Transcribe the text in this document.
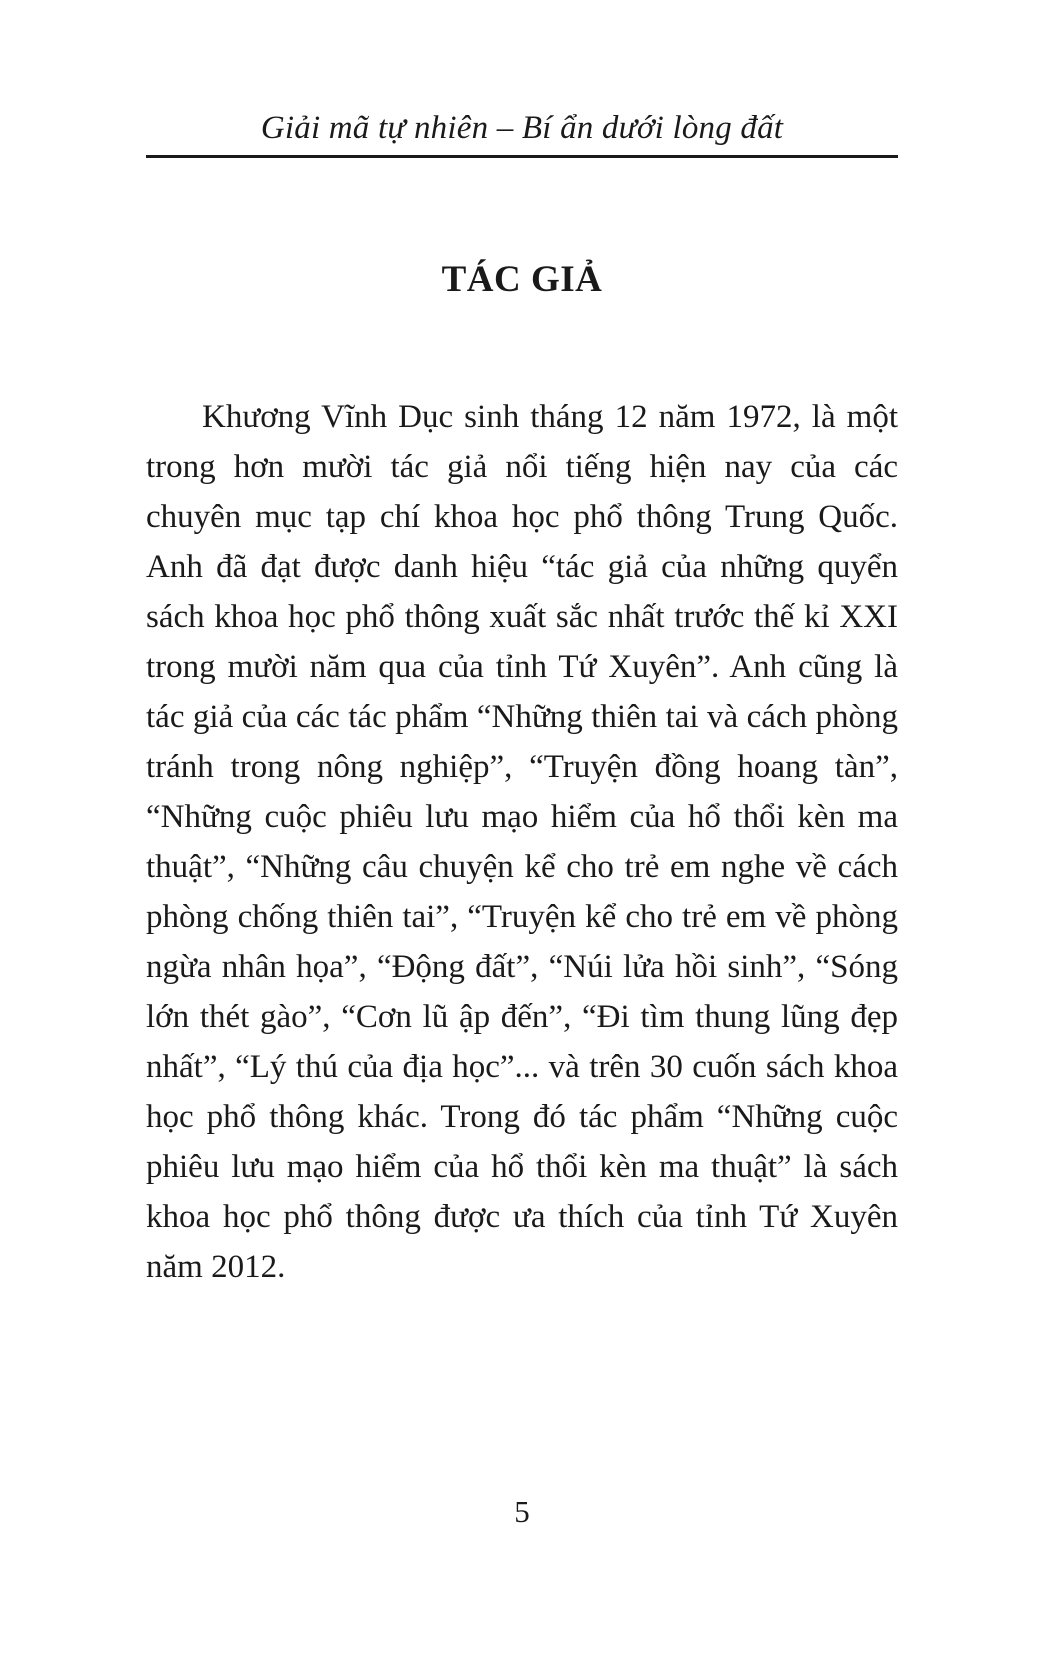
Giải mã tự nhiên – Bí ẩn dưới lòng đất
TÁC GIẢ

Khương Vĩnh Dục sinh tháng 12 năm 1972, là một trong hơn mười tác giả nổi tiếng hiện nay của các chuyên mục tạp chí khoa học phổ thông Trung Quốc. Anh đã đạt được danh hiệu “tác giả của những quyển sách khoa học phổ thông xuất sắc nhất trước thế kỉ XXI trong mười năm qua của tỉnh Tứ Xuyên”. Anh cũng là tác giả của các tác phẩm “Những thiên tai và cách phòng tránh trong nông nghiệp”, “Truyện đồng hoang tàn”, “Những cuộc phiêu lưu mạo hiểm của hổ thổi kèn ma thuật”, “Những câu chuyện kể cho trẻ em nghe về cách phòng chống thiên tai”, “Truyện kể cho trẻ em về phòng ngừa nhân họa”, “Động đất”, “Núi lửa hồi sinh”, “Sóng lớn thét gào”, “Cơn lũ ập đến”, “Đi tìm thung lũng đẹp nhất”, “Lý thú của địa học”... và trên 30 cuốn sách khoa học phổ thông khác. Trong đó tác phẩm “Những cuộc phiêu lưu mạo hiểm của hổ thổi kèn ma thuật” là sách khoa học phổ thông được ưa thích của tỉnh Tứ Xuyên năm 2012.

5
